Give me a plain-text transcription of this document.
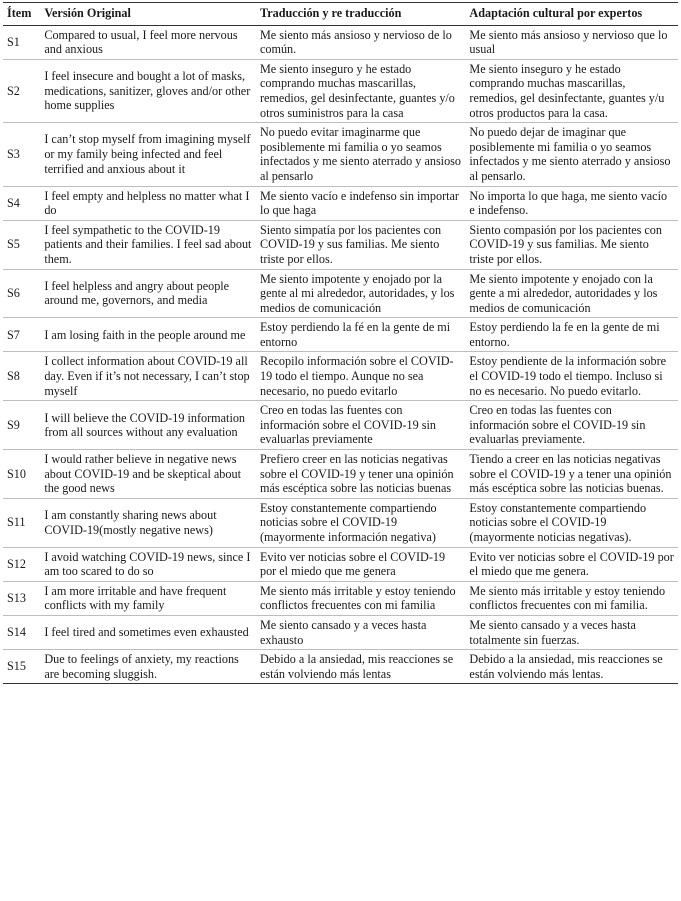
Ítem	Versión Original	Traducción y re traducción	Adaptación cultural por expertos
S1	Compared to usual, I feel more nervous and anxious	Me siento más ansioso y nervioso de lo común.	Me siento más ansioso y nervioso que lo usual
S2	I feel insecure and bought a lot of masks, medications, sanitizer, gloves and/or other home supplies	Me siento inseguro y he estado comprando muchas mascarillas, remedios, gel desinfectante, guantes y/o otros suministros para la casa	Me siento inseguro y he estado comprando muchas mascarillas, remedios, gel desinfectante, guantes y/u otros productos para la casa.
S3	I can’t stop myself from imagining myself or my family being infected and feel terrified and anxious about it	No puedo evitar imaginarme que posiblemente mi familia o yo seamos infectados y me siento aterrado y ansioso al pensarlo	No puedo dejar de imaginar que posiblemente mi familia o yo seamos infectados y me siento aterrado y ansioso al pensarlo.
S4	I feel empty and helpless no matter what I do	Me siento vacío e indefenso sin importar lo que haga	No importa lo que haga, me siento vacío e indefenso.
S5	I feel sympathetic to the COVID-19 patients and their families. I feel sad about them.	Siento simpatía por los pacientes con COVID-19 y sus familias. Me siento triste por ellos.	Siento compasión por los pacientes con COVID-19 y sus familias. Me siento triste por ellos.
S6	I feel helpless and angry about people around me, governors, and media	Me siento impotente y enojado por la gente al mi alrededor, autoridades, y los medios de comunicación	Me siento impotente y enojado con la gente a mi alrededor, autoridades y los medios de comunicación
S7	I am losing faith in the people around me	Estoy perdiendo la fé en la gente de mi entorno	Estoy perdiendo la fe en la gente de mi entorno.
S8	I collect information about COVID-19 all day. Even if it’s not necessary, I can’t stop myself	Recopilo información sobre el COVID-19 todo el tiempo. Aunque no sea necesario, no puedo evitarlo	Estoy pendiente de la información sobre el COVID-19 todo el tiempo. Incluso si no es necesario. No puedo evitarlo.
S9	I will believe the COVID-19 information from all sources without any evaluation	Creo en todas las fuentes con información sobre el COVID-19 sin evaluarlas previamente	Creo en todas las fuentes con información sobre el COVID-19 sin evaluarlas previamente.
S10	I would rather believe in negative news about COVID-19 and be skeptical about the good news	Prefiero creer en las noticias negativas sobre el COVID-19 y tener una opinión más escéptica sobre las noticias buenas	Tiendo a creer en las noticias negativas sobre el COVID-19 y a tener una opinión más escéptica sobre las noticias buenas.
S11	I am constantly sharing news about COVID-19(mostly negative news)	Estoy constantemente compartiendo noticias sobre el COVID-19 (mayormente información negativa)	Estoy constantemente compartiendo noticias sobre el COVID-19 (mayormente noticias negativas).
S12	I avoid watching COVID-19 news, since I am too scared to do so	Evito ver noticias sobre el COVID-19 por el miedo que me genera	Evito ver noticias sobre el COVID-19 por el miedo que me genera.
S13	I am more irritable and have frequent conflicts with my family	Me siento más irritable y estoy teniendo conflictos frecuentes con mi familia	Me siento más irritable y estoy teniendo conflictos frecuentes con mi familia.
S14	I feel tired and sometimes even exhausted	Me siento cansado y a veces hasta exhausto	Me siento cansado y a veces hasta totalmente sin fuerzas.
S15	Due to feelings of anxiety, my reactions are becoming sluggish.	Debido a la ansiedad, mis reacciones se están volviendo más lentas	Debido a la ansiedad, mis reacciones se están volviendo más lentas.
